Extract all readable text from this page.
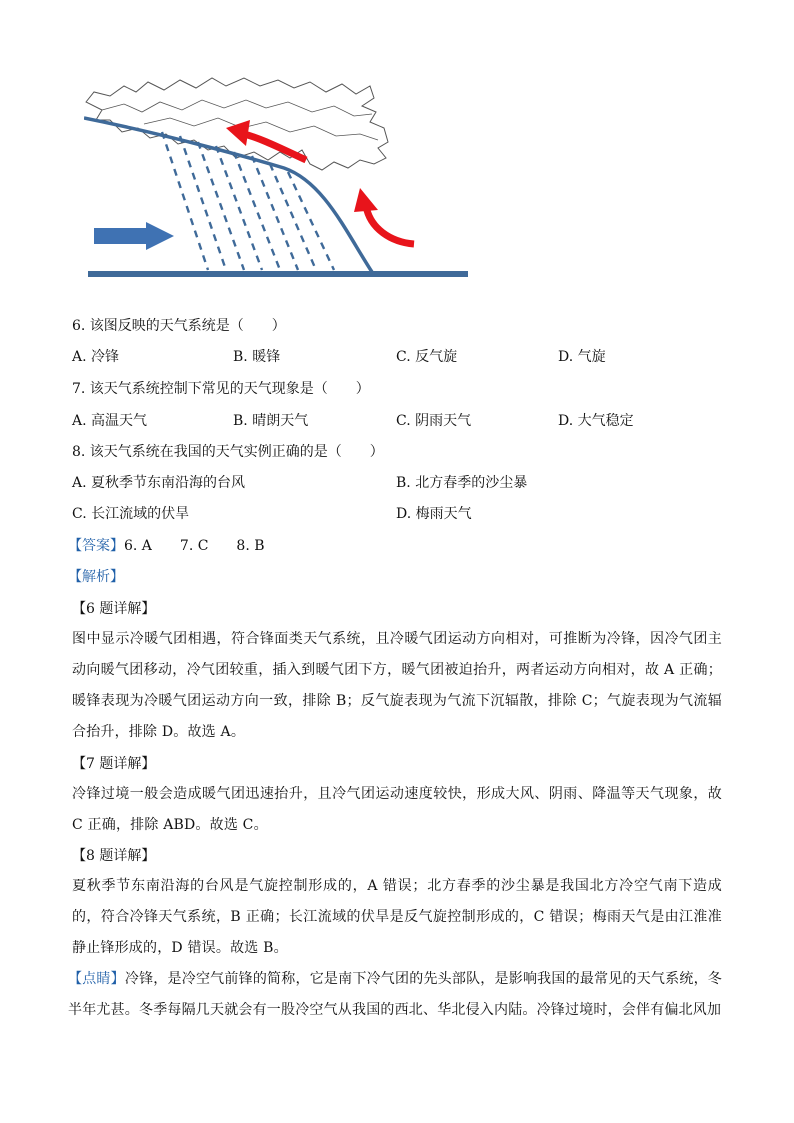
6. 该图反映的天气系统是（　　）
A. 冷锋	B. 暖锋	C. 反气旋	D. 气旋
7. 该天气系统控制下常见的天气现象是（　　）
A. 高温天气	B. 晴朗天气	C. 阴雨天气	D. 大气稳定
8. 该天气系统在我国的天气实例正确的是（　　）
A. 夏秋季节东南沿海的台风	B. 北方春季的沙尘暴
C. 长江流域的伏旱	D. 梅雨天气
【答案】6. A　　7. C　　8. B
【解析】
【6 题详解】
图中显示冷暖气团相遇，符合锋面类天气系统，且冷暖气团运动方向相对，可推断为冷锋，因冷气团主动向暖气团移动，冷气团较重，插入到暖气团下方，暖气团被迫抬升，两者运动方向相对，故 A 正确；暖锋表现为冷暖气团运动方向一致，排除 B；反气旋表现为气流下沉辐散，排除 C；气旋表现为气流辐合抬升，排除 D。故选 A。
【7 题详解】
冷锋过境一般会造成暖气团迅速抬升，且冷气团运动速度较快，形成大风、阴雨、降温等天气现象，故 C 正确，排除 ABD。故选 C。
【8 题详解】
夏秋季节东南沿海的台风是气旋控制形成的，A 错误；北方春季的沙尘暴是我国北方冷空气南下造成的，符合冷锋天气系统，B 正确；长江流域的伏旱是反气旋控制形成的，C 错误；梅雨天气是由江淮准静止锋形成的，D 错误。故选 B。
【点睛】冷锋，是冷空气前锋的简称，它是南下冷气团的先头部队，是影响我国的最常见的天气系统，冬半年尤甚。冬季每隔几天就会有一股冷空气从我国的西北、华北侵入内陆。冷锋过境时，会伴有偏北风加
